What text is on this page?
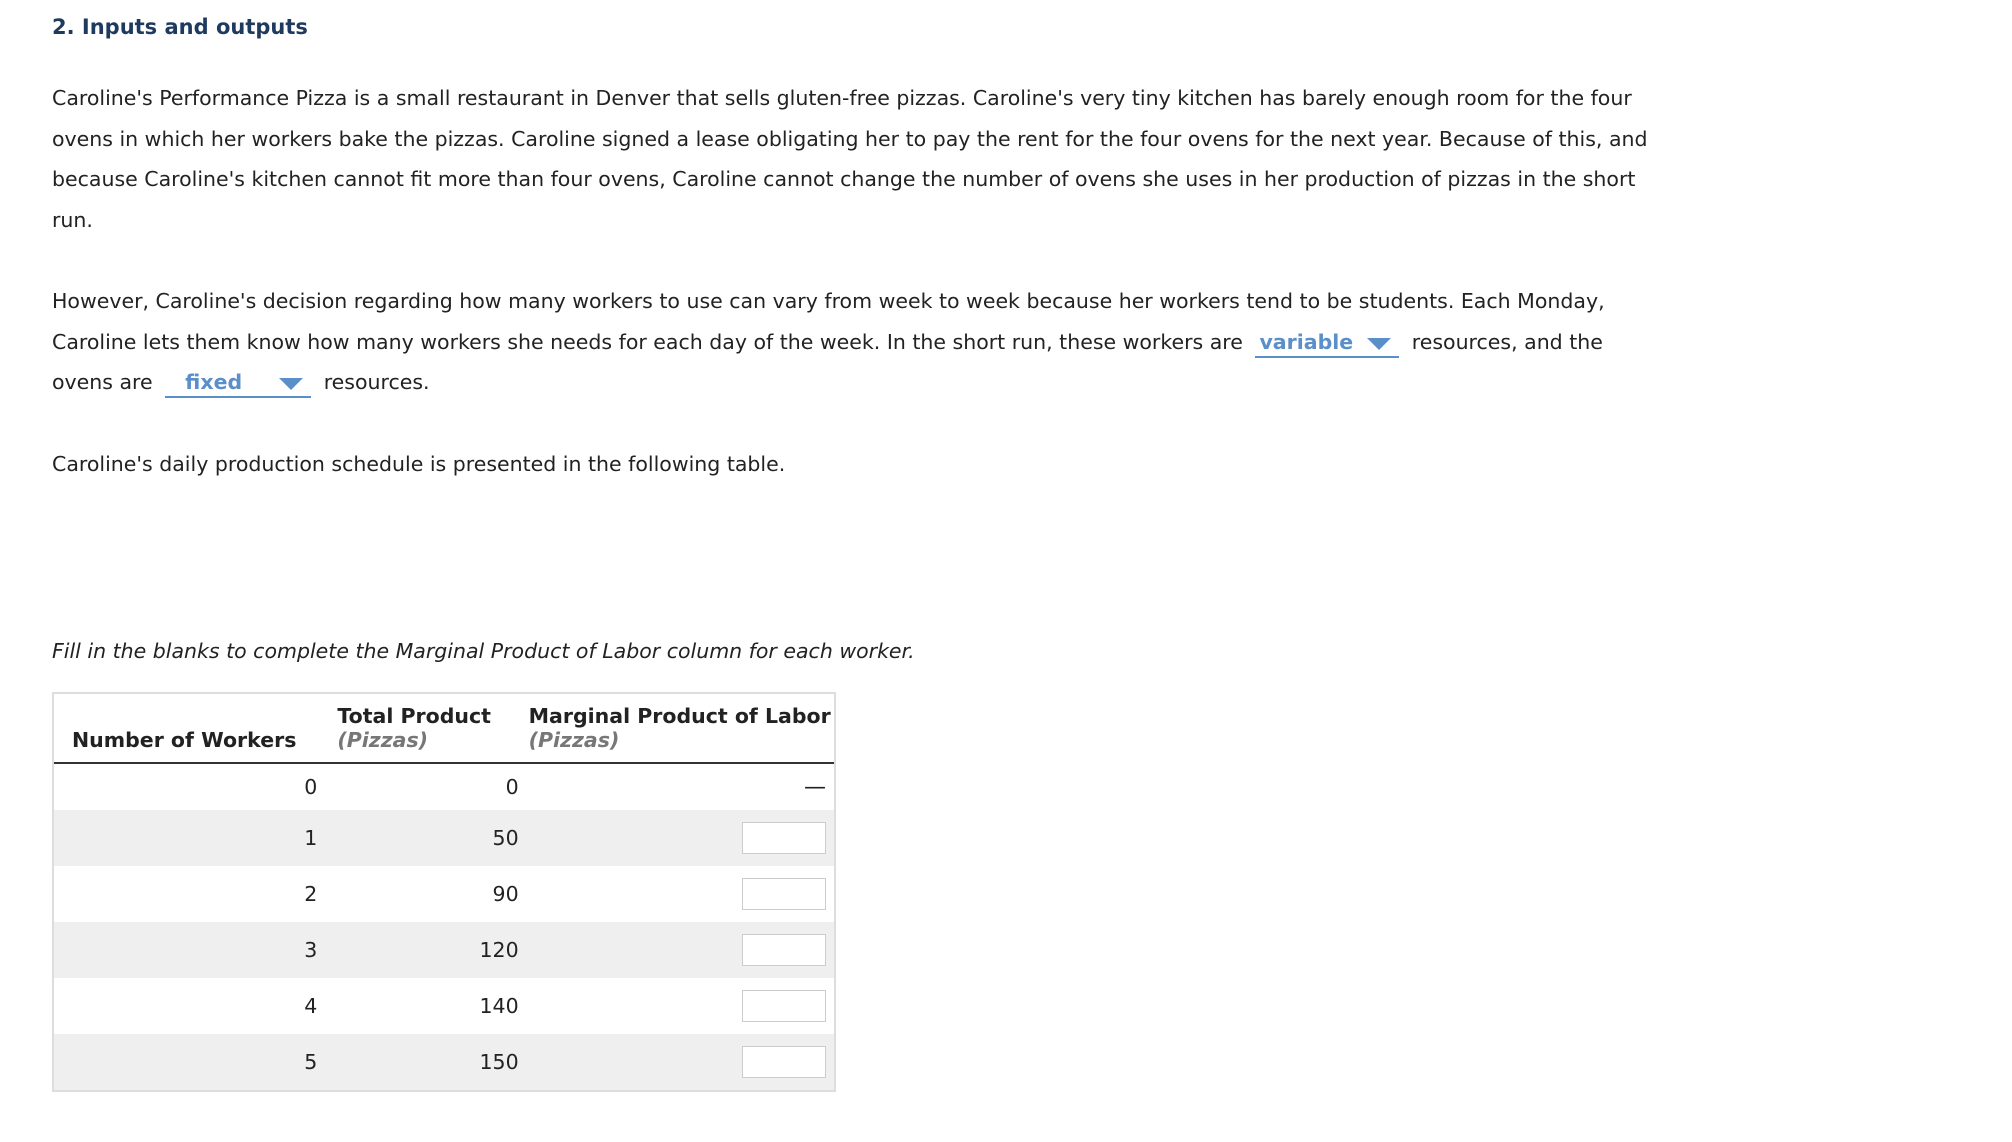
2. Inputs and outputs
Caroline's Performance Pizza is a small restaurant in Denver that sells gluten-free pizzas. Caroline's very tiny kitchen has barely enough room for the four ovens in which her workers bake the pizzas. Caroline signed a lease obligating her to pay the rent for the four ovens for the next year. Because of this, and because Caroline's kitchen cannot fit more than four ovens, Caroline cannot change the number of ovens she uses in her production of pizzas in the short run.
However, Caroline's decision regarding how many workers to use can vary from week to week because her workers tend to be students. Each Monday, Caroline lets them know how many workers she needs for each day of the week. In the short run, these workers are variable	resources, and the ovens are fixed	resources.
Caroline's daily production schedule is presented in the following table.
Fill in the blanks to complete the Marginal Product of Labor column for each worker.
	Total Product	Marginal Product of Labor
Number of Workers	(Pizzas)	(Pizzas)
0	0	—
1	50	
2	90	
3	120	
4	140	
5	150	
